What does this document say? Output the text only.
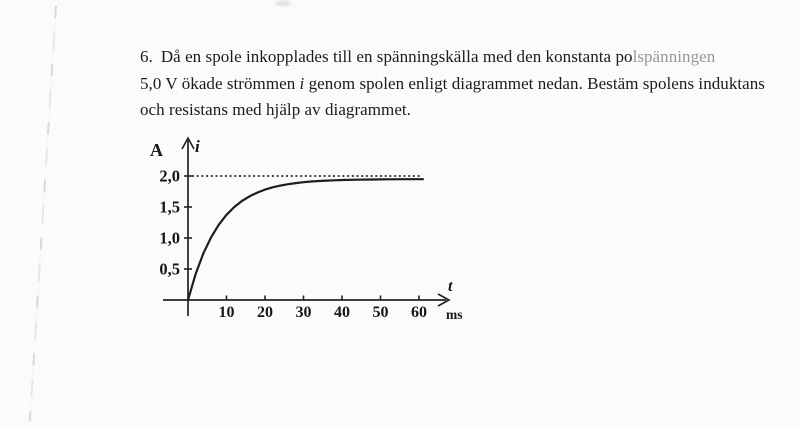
6. Då en spole inkopplades till en spänningskälla med den konstanta polspänningen

5,0 V ökade strömmen i genom spolen enligt diagrammet nedan. Bestäm spolens induktans

och resistans med hjälp av diagrammet.

0,5
1,0
1,5
2,0
10 20 30 40 50 60
A i
t
ms
